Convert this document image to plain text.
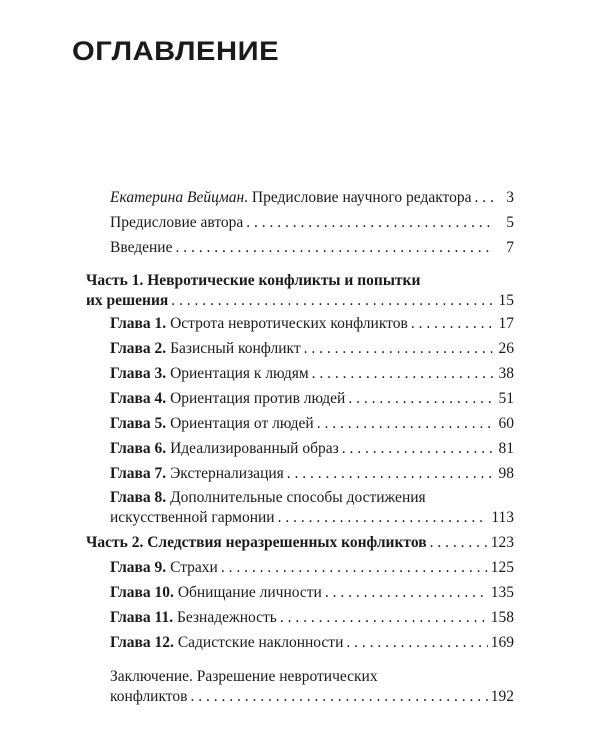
ОГЛАВЛЕНИЕ
Екатерина Вейцман. Предисловие научного редактора . . .	3
Предисловие автора . . .	5
Введение . . .	7
Часть 1. Невротические конфликты и попытки
их решения . . .	15
Глава 1. Острота невротических конфликтов . . .	17
Глава 2. Базисный конфликт . . .	26
Глава 3. Ориентация к людям . . .	38
Глава 4. Ориентация против людей . . .	51
Глава 5. Ориентация от людей . . .	60
Глава 6. Идеализированный образ . . .	81
Глава 7. Экстернализация . . .	98
Глава 8. Дополнительные способы достижения
искусственной гармонии . . .	113
Часть 2. Следствия неразрешенных конфликтов . . .	123
Глава 9. Страхи . . .	125
Глава 10. Обнищание личности . . .	135
Глава 11. Безнадежность . . .	158
Глава 12. Садистские наклонности . . .	169
Заключение. Разрешение невротических
конфликтов . . .	192
